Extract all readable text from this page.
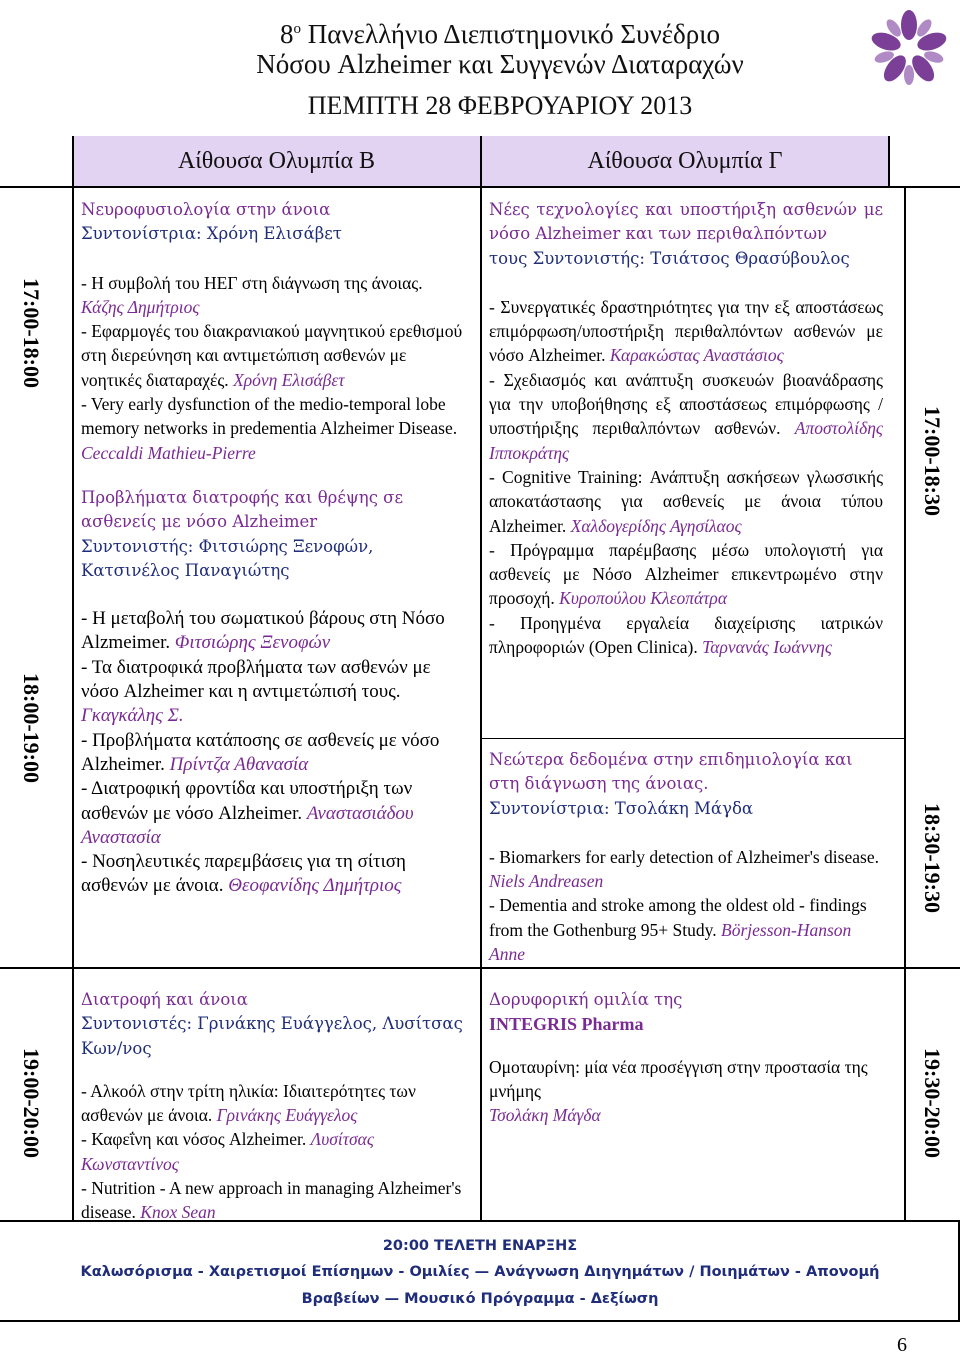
$8^o$ Πανελλήνιο Διεπιστημονικό Συνέδριο
Νόσου Alzheimer και Συγγενών Διαταραχών
ΠΕΜΠΤΗ 28 ΦΕΒΡΟΥΑΡΙΟΥ 2013
Αίθουσα Ολυμπία Β	Αίθουσα Ολυμπία Γ
17:00-18:00
18:00-19:00
19:00-20:00
17:00-18:30
18:30-19:30
19:30-20:00

Νευροφυσιολογία στην άνοια

Συντονίστρια: Χρόνη Ελισάβετ

- Η συμβολή του ΗΕΓ στη διάγνωση της άνοιας. Κάζης Δημήτριος

- Εφαρμογές του διακρανιακού μαγνητικού ερεθισμού στη διερεύνηση και αντιμετώπιση ασθενών με νοητικές διαταραχές. Χρόνη Ελισάβετ

- Very early dysfunction of the medio-temporal lobe memory networks in predementia Alzheimer Disease. Ceccaldi Mathieu-Pierre

Προβλήματα διατροφής και θρέψης σε ασθενείς με νόσο Alzheimer

Συντονιστής: Φιτσιώρης Ξενοφών, Κατσινέλος Παναγιώτης

- Η μεταβολή του σωματικού βάρους στη Νόσο Alzmeimer. Φιτσιώρης Ξενοφών

- Τα διατροφικά προβλήματα των ασθενών με νόσο Alzheimer και η αντιμετώπισή τους. Γκαγκάλης Σ.

- Προβλήματα κατάποσης σε ασθενείς με νόσο Alzheimer. Πρίντζα Αθανασία

- Διατροφική φροντίδα και υποστήριξη των ασθενών με νόσο Alzheimer. Αναστασιάδου Αναστασία

- Νοσηλευτικές παρεμβάσεις για τη σίτιση ασθενών με άνοια. Θεοφανίδης Δημήτριος

Διατροφή και άνοια

Συντονιστές: Γρινάκης Ευάγγελος, Λυσίτσας Κων/νος

- Αλκοόλ στην τρίτη ηλικία: Ιδιαιτερότητες των ασθενών με άνοια. Γρινάκης Ευάγγελος

- Καφεΐνη και νόσος Alzheimer. Λυσίτσας Κωνσταντίνος

- Nutrition - A new approach in managing Alzheimer's disease. Knox Sean

Νέες τεχνολογίες και υποστήριξη ασθενών με νόσο Alzheimer και των περιθαλπόντων

τους Συντονιστής: Τσιάτσος Θρασύβουλος

- Συνεργατικές δραστηριότητες για την εξ αποστάσεως επιμόρφωση/υποστήριξη περιθαλπόντων ασθενών με νόσο Alzheimer. Καρακώστας Αναστάσιος

- Σχεδιασμός και ανάπτυξη συσκευών βιοανάδρασης για την υποβοήθησης εξ αποστάσεως επιμόρφωσης /υποστήριξης περιθαλπόντων ασθενών. Αποστολίδης Ιπποκράτης

- Cognitive Training: Ανάπτυξη ασκήσεων γλωσσικής αποκατάστασης για ασθενείς με άνοια τύπου Alzheimer. Χαλδογερίδης Αγησίλαος

- Πρόγραμμα παρέμβασης μέσω υπολογιστή για ασθενείς με Νόσο Alzheimer επικεντρωμένο στην προσοχή. Κυροπούλου Κλεοπάτρα

- Προηγμένα εργαλεία διαχείρισης ιατρικών πληροφοριών (Open Clinica). Ταρνανάς Ιωάννης

Νεώτερα δεδομένα στην επιδημιολογία και στη διάγνωση της άνοιας.

Συντονίστρια: Τσολάκη Μάγδα

- Biomarkers for early detection of Alzheimer's disease. Niels Andreasen

- Dementia and stroke among the oldest old - findings from the Gothenburg 95+ Study. Börjesson-Hanson Anne

Δορυφορική ομιλία της

INTEGRIS Pharma

Ομοταυρίνη: μία νέα προσέγγιση στην προστασία της μνήμης

Τσολάκη Μάγδα

20:00 ΤΕΛΕΤΗ ΕΝΑΡΞΗΣ
Καλωσόρισμα - Χαιρετισμοί Επίσημων - Ομιλίες — Ανάγνωση Διηγημάτων / Ποιημάτων - Απονομή
Βραβείων — Μουσικό Πρόγραμμα - Δεξίωση
6
